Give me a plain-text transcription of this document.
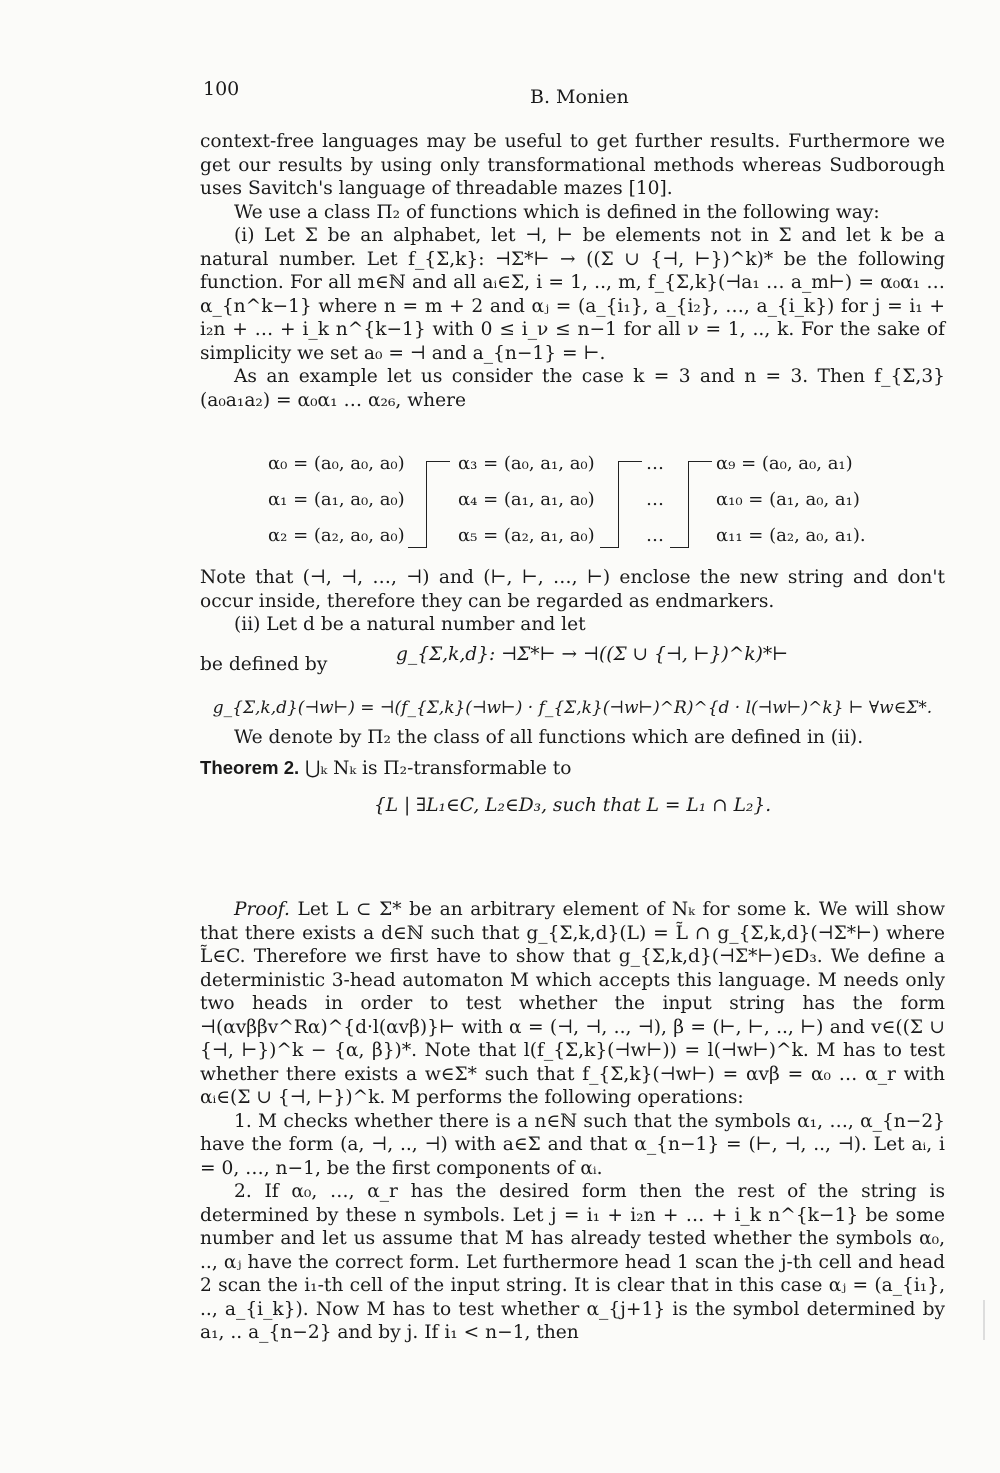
100	B. Monien

context-free languages may be useful to get further results. Furthermore we get our results by using only transformational methods whereas Sudborough uses Savitch's language of threadable mazes [10].

We use a class Π₂ of functions which is defined in the following way:

(i) Let Σ be an alphabet, let ⊣, ⊢ be elements not in Σ and let k be a natural number. Let f_{Σ,k}: ⊣Σ*⊢ → ((Σ ∪ {⊣, ⊢})^k)* be the following function. For all m∈ℕ and all aᵢ∈Σ, i = 1, .., m, f_{Σ,k}(⊣a₁ … a_m⊢) = α₀α₁ … α_{n^k−1} where n = m + 2 and αⱼ = (a_{i₁}, a_{i₂}, …, a_{i_k}) for j = i₁ + i₂n + … + i_k n^{k−1} with 0 ≤ i_ν ≤ n−1 for all ν = 1, .., k. For the sake of simplicity we set a₀ = ⊣ and a_{n−1} = ⊢.

As an example let us consider the case k = 3 and n = 3. Then f_{Σ,3}(a₀a₁a₂) = α₀α₁ … α₂₆, where

α₀ = (a₀, a₀, a₀)
α₁ = (a₁, a₀, a₀)
α₂ = (a₂, a₀, a₀)
α₃ = (a₀, a₁, a₀)
α₄ = (a₁, a₁, a₀)
α₅ = (a₂, a₁, a₀)
…
…
…
α₉ = (a₀, a₀, a₁)
α₁₀ = (a₁, a₀, a₁)
α₁₁ = (a₂, a₀, a₁).

Note that (⊣, ⊣, …, ⊣) and (⊢, ⊢, …, ⊢) enclose the new string and don't occur inside, therefore they can be regarded as endmarkers.

(ii) Let d be a natural number and let

be defined by	g_{Σ,k,d}: ⊣Σ*⊢ → ⊣((Σ ∪ {⊣, ⊢})^k)*⊢

g_{Σ,k,d}(⊣w⊢) = ⊣(f_{Σ,k}(⊣w⊢) · f_{Σ,k}(⊣w⊢)^R)^{d · l(⊣w⊢)^k} ⊢ ∀w∈Σ*.

We denote by Π₂ the class of all functions which are defined in (ii).

Theorem 2. ⋃ₖ Nₖ is Π₂-transformable to

{L | ∃L₁∈C, L₂∈D₃, such that L = L₁ ∩ L₂}.

Proof. Let L ⊂ Σ* be an arbitrary element of Nₖ for some k. We will show that there exists a d∈ℕ such that g_{Σ,k,d}(L) = L̃ ∩ g_{Σ,k,d}(⊣Σ*⊢) where L̃∈C. Therefore we first have to show that g_{Σ,k,d}(⊣Σ*⊢)∈D₃. We define a deterministic 3-head automaton M which accepts this language. M needs only two heads in order to test whether the input string has the form ⊣(αvββv^Rα)^{d·l(αvβ)}⊢ with α = (⊣, ⊣, .., ⊣), β = (⊢, ⊢, .., ⊢) and v∈((Σ ∪ {⊣, ⊢})^k − {α, β})*. Note that l(f_{Σ,k}(⊣w⊢)) = l(⊣w⊢)^k. M has to test whether there exists a w∈Σ* such that f_{Σ,k}(⊣w⊢) = αvβ = α₀ … α_r with αᵢ∈(Σ ∪ {⊣, ⊢})^k. M performs the following operations:

1. M checks whether there is a n∈ℕ such that the symbols α₁, …, α_{n−2} have the form (a, ⊣, .., ⊣) with a∈Σ and that α_{n−1} = (⊢, ⊣, .., ⊣). Let aᵢ, i = 0, …, n−1, be the first components of αᵢ.

2. If α₀, …, α_r has the desired form then the rest of the string is determined by these n symbols. Let j = i₁ + i₂n + … + i_k n^{k−1} be some number and let us assume that M has already tested whether the symbols α₀, .., αⱼ have the correct form. Let furthermore head 1 scan the j-th cell and head 2 scan the i₁-th cell of the input string. It is clear that in this case αⱼ = (a_{i₁}, .., a_{i_k}). Now M has to test whether α_{j+1} is the symbol determined by a₁, .. a_{n−2} and by j. If i₁ < n−1, then
